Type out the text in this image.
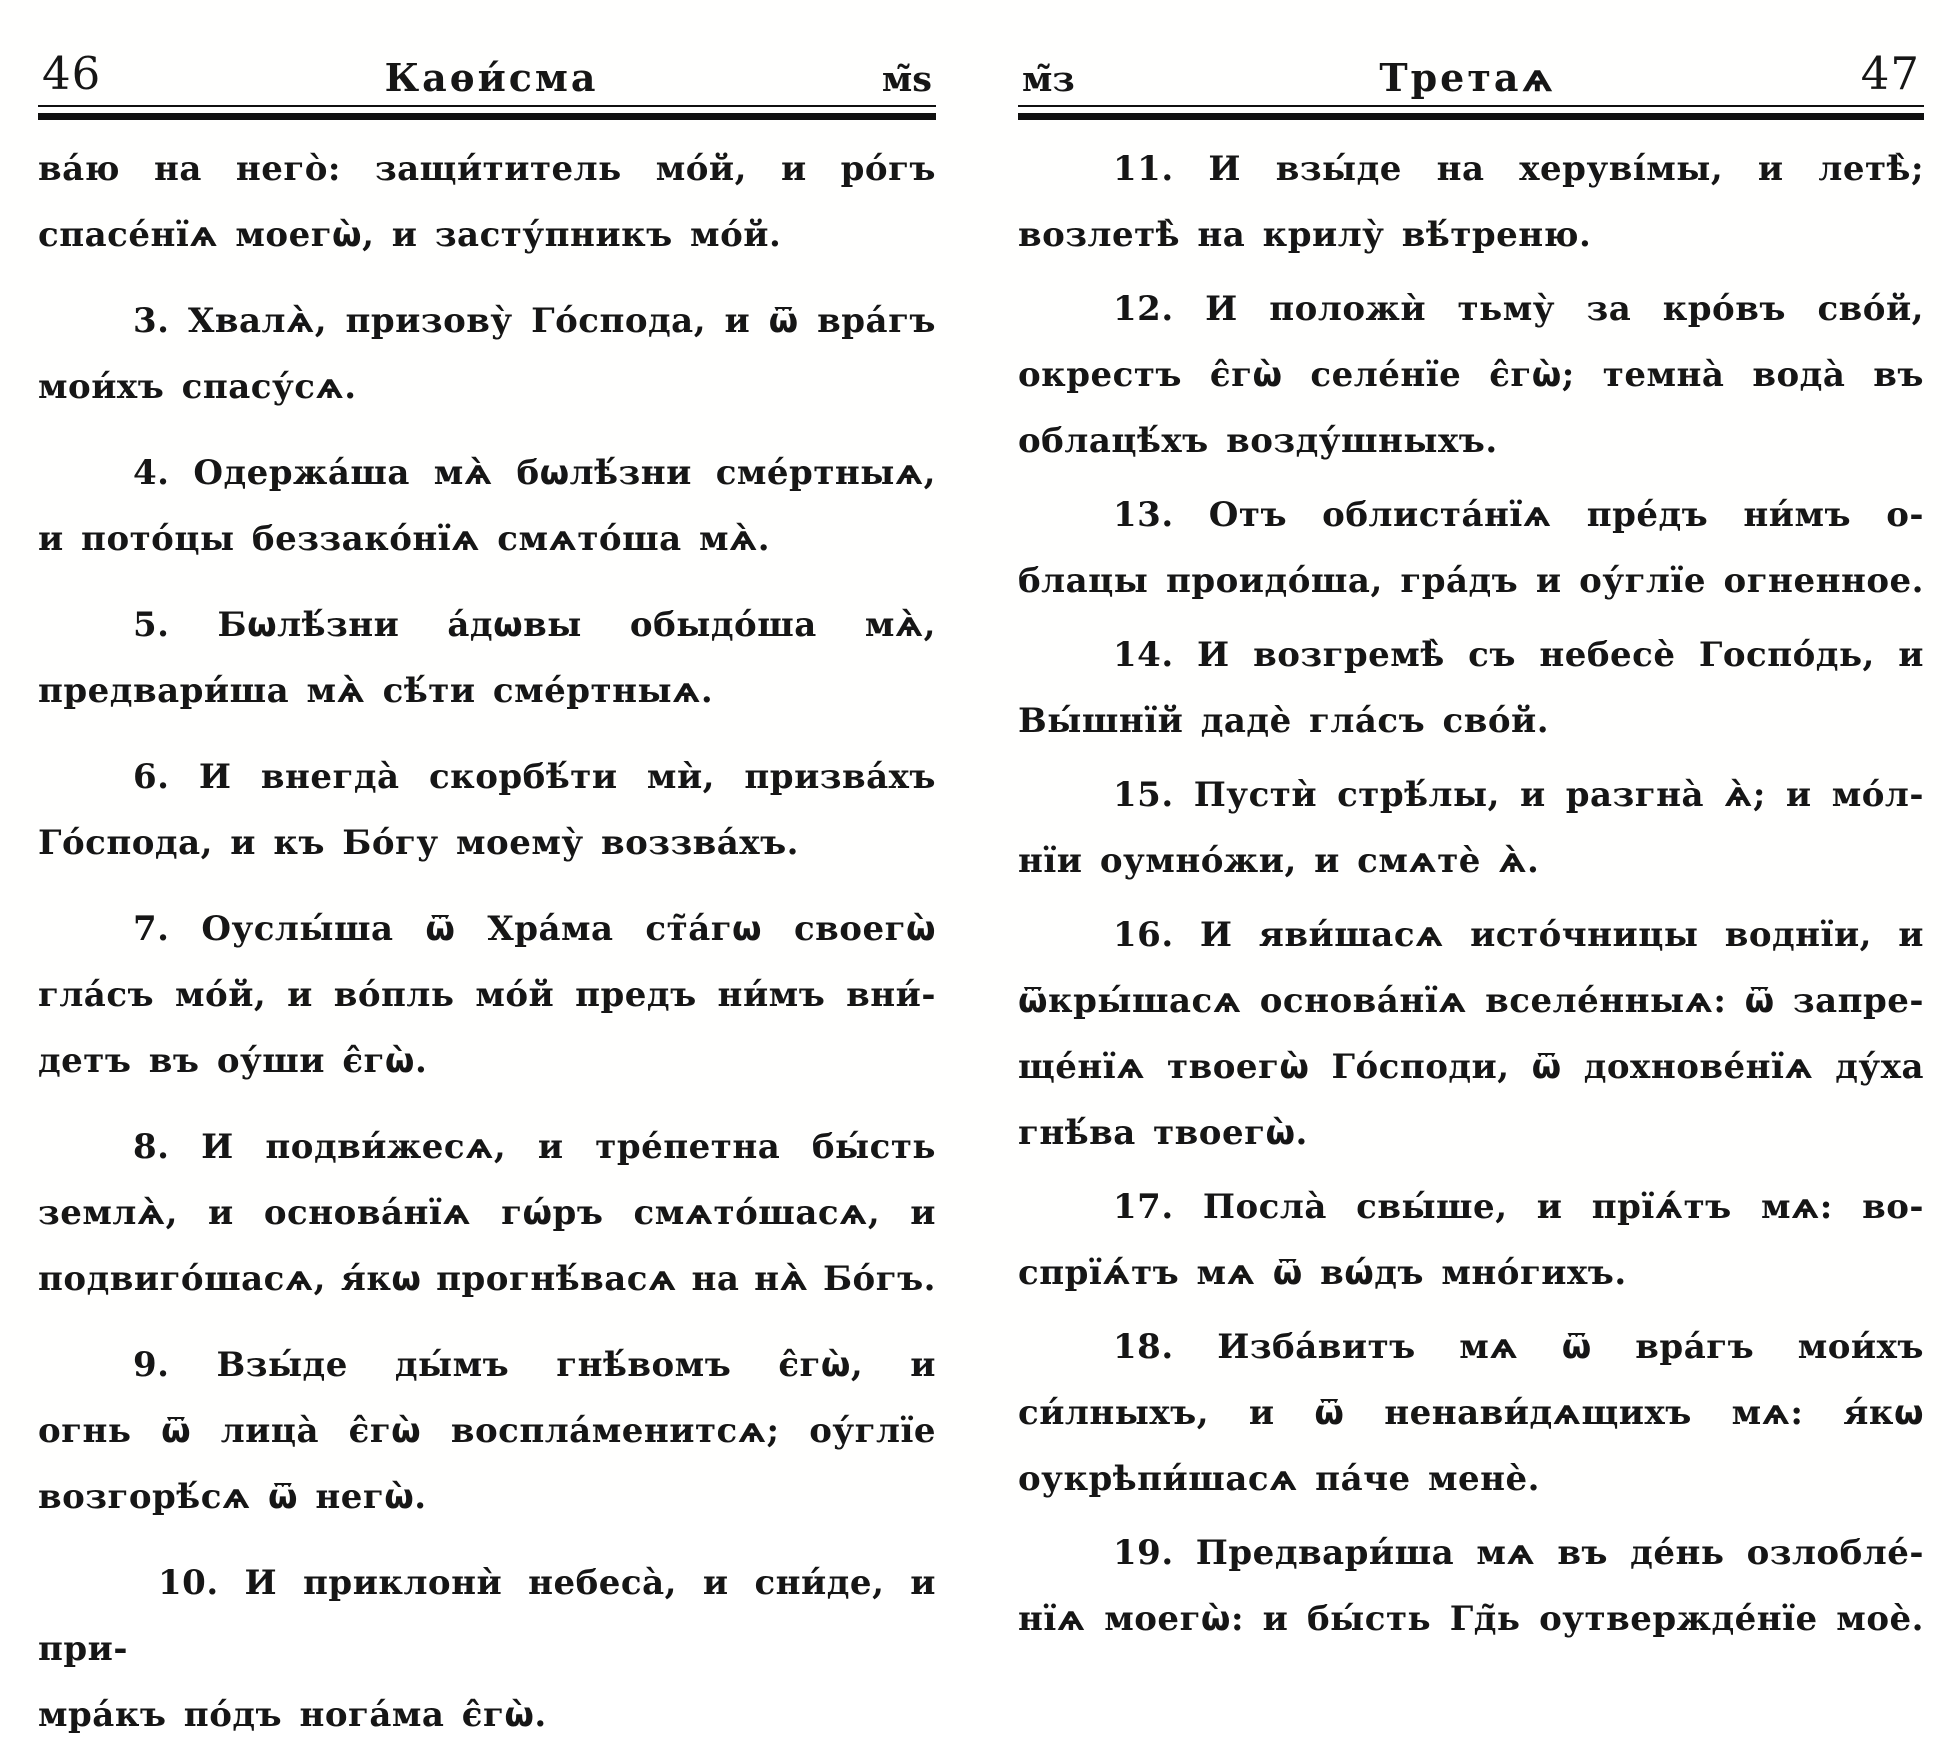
46	Каѳи́сма	м̃ѕ
ва́ю на него̀: защи́титель мо́й, и ро́гъ
спасе́нїѧ моегѡ̀, и засту́пникъ мо́й.
3. Хвалѧ̀, призову̀ Го́спода, и ѿ вра́гъ
мои́хъ спасу́сѧ.
4. Одержа́ша мѧ̀ бѡлѣ́зни сме́ртныѧ,
и пото́цы беззако́нїѧ смѧто́ша мѧ̀.
5. Бѡлѣ́зни а́дѡвы обыдо́ша мѧ̀,
предвари́ша мѧ̀ сѣ́ти сме́ртныѧ.
6. И внегда̀ скорбѣ́ти мѝ, призва́хъ
Го́спода, и къ Бо́гу моему̀ воззва́хъ.
7. Оуслы́ша ѿ Хра́ма ст̃а́гѡ своегѡ̀
гла́съ мо́й, и во́пль мо́й предъ ни́мъ вни́-
детъ въ оу́ши є̂гѡ̀.
8. И подви́жесѧ, и тре́петна бы́сть
землѧ̀, и основа́нїѧ гѡ́ръ смѧто́шасѧ, и
подвиго́шасѧ, я́кѡ прогнѣ́васѧ на нѧ̀ Бо́гъ.
9. Взы́де ды́мъ гнѣ́вомъ є̂гѡ̀, и
огнь ѿ лица̀ є̂гѡ̀ воспла́менитсѧ; оу́глїе
возгорѣ́сѧ ѿ негѡ̀.
10. И приклонѝ небеса̀, и сни́де, и при-
мра́къ по́дъ нога́ма є̂гѡ̀.
м̃з	Третаѧ	47
11. И взы́де на херуві́мы, и летѣ̀;
возлетѣ̀ на крилу̀ вѣ́треню.
12. И положѝ тьму̀ за кро́въ сво́й,
окрестъ є̂гѡ̀ селе́нїе є̂гѡ̀; темна̀ вода̀ въ
облацѣ́хъ возду́шныхъ.
13. Отъ облиста́нїѧ пре́дъ ни́мъ о-
блацы проидо́ша, гра́дъ и оу́глїе огненное.
14. И возгремѣ̀ съ небесѐ Госпо́дь, и
Вы́шнїй дадѐ гла́съ сво́й.
15. Пустѝ стрѣ́лы, и разгна̀ ѧ̀; и мо́л-
нїи оумно́жи, и смѧтѐ ѧ̀.
16. И яви́шасѧ исто́чницы воднїи, и
ѿкры́шасѧ основа́нїѧ вселе́нныѧ: ѿ запре-
ще́нїѧ твоегѡ̀ Го́споди, ѿ дохнове́нїѧ ду́ха
гнѣ́ва твоегѡ̀.
17. Посла̀ свы́ше, и прїѧ́тъ мѧ: во-
спрїѧ́тъ мѧ ѿ вѡ́дъ мно́гихъ.
18. Изба́витъ мѧ ѿ вра́гъ мои́хъ
си́лныхъ, и ѿ ненави́дѧщихъ мѧ: я́кѡ
оукрѣпи́шасѧ па́че менѐ.
19. Предвари́ша мѧ въ де́нь озлобле́-
нїѧ моегѡ̀: и бы́сть Гд̃ь оутвержде́нїе моѐ.
